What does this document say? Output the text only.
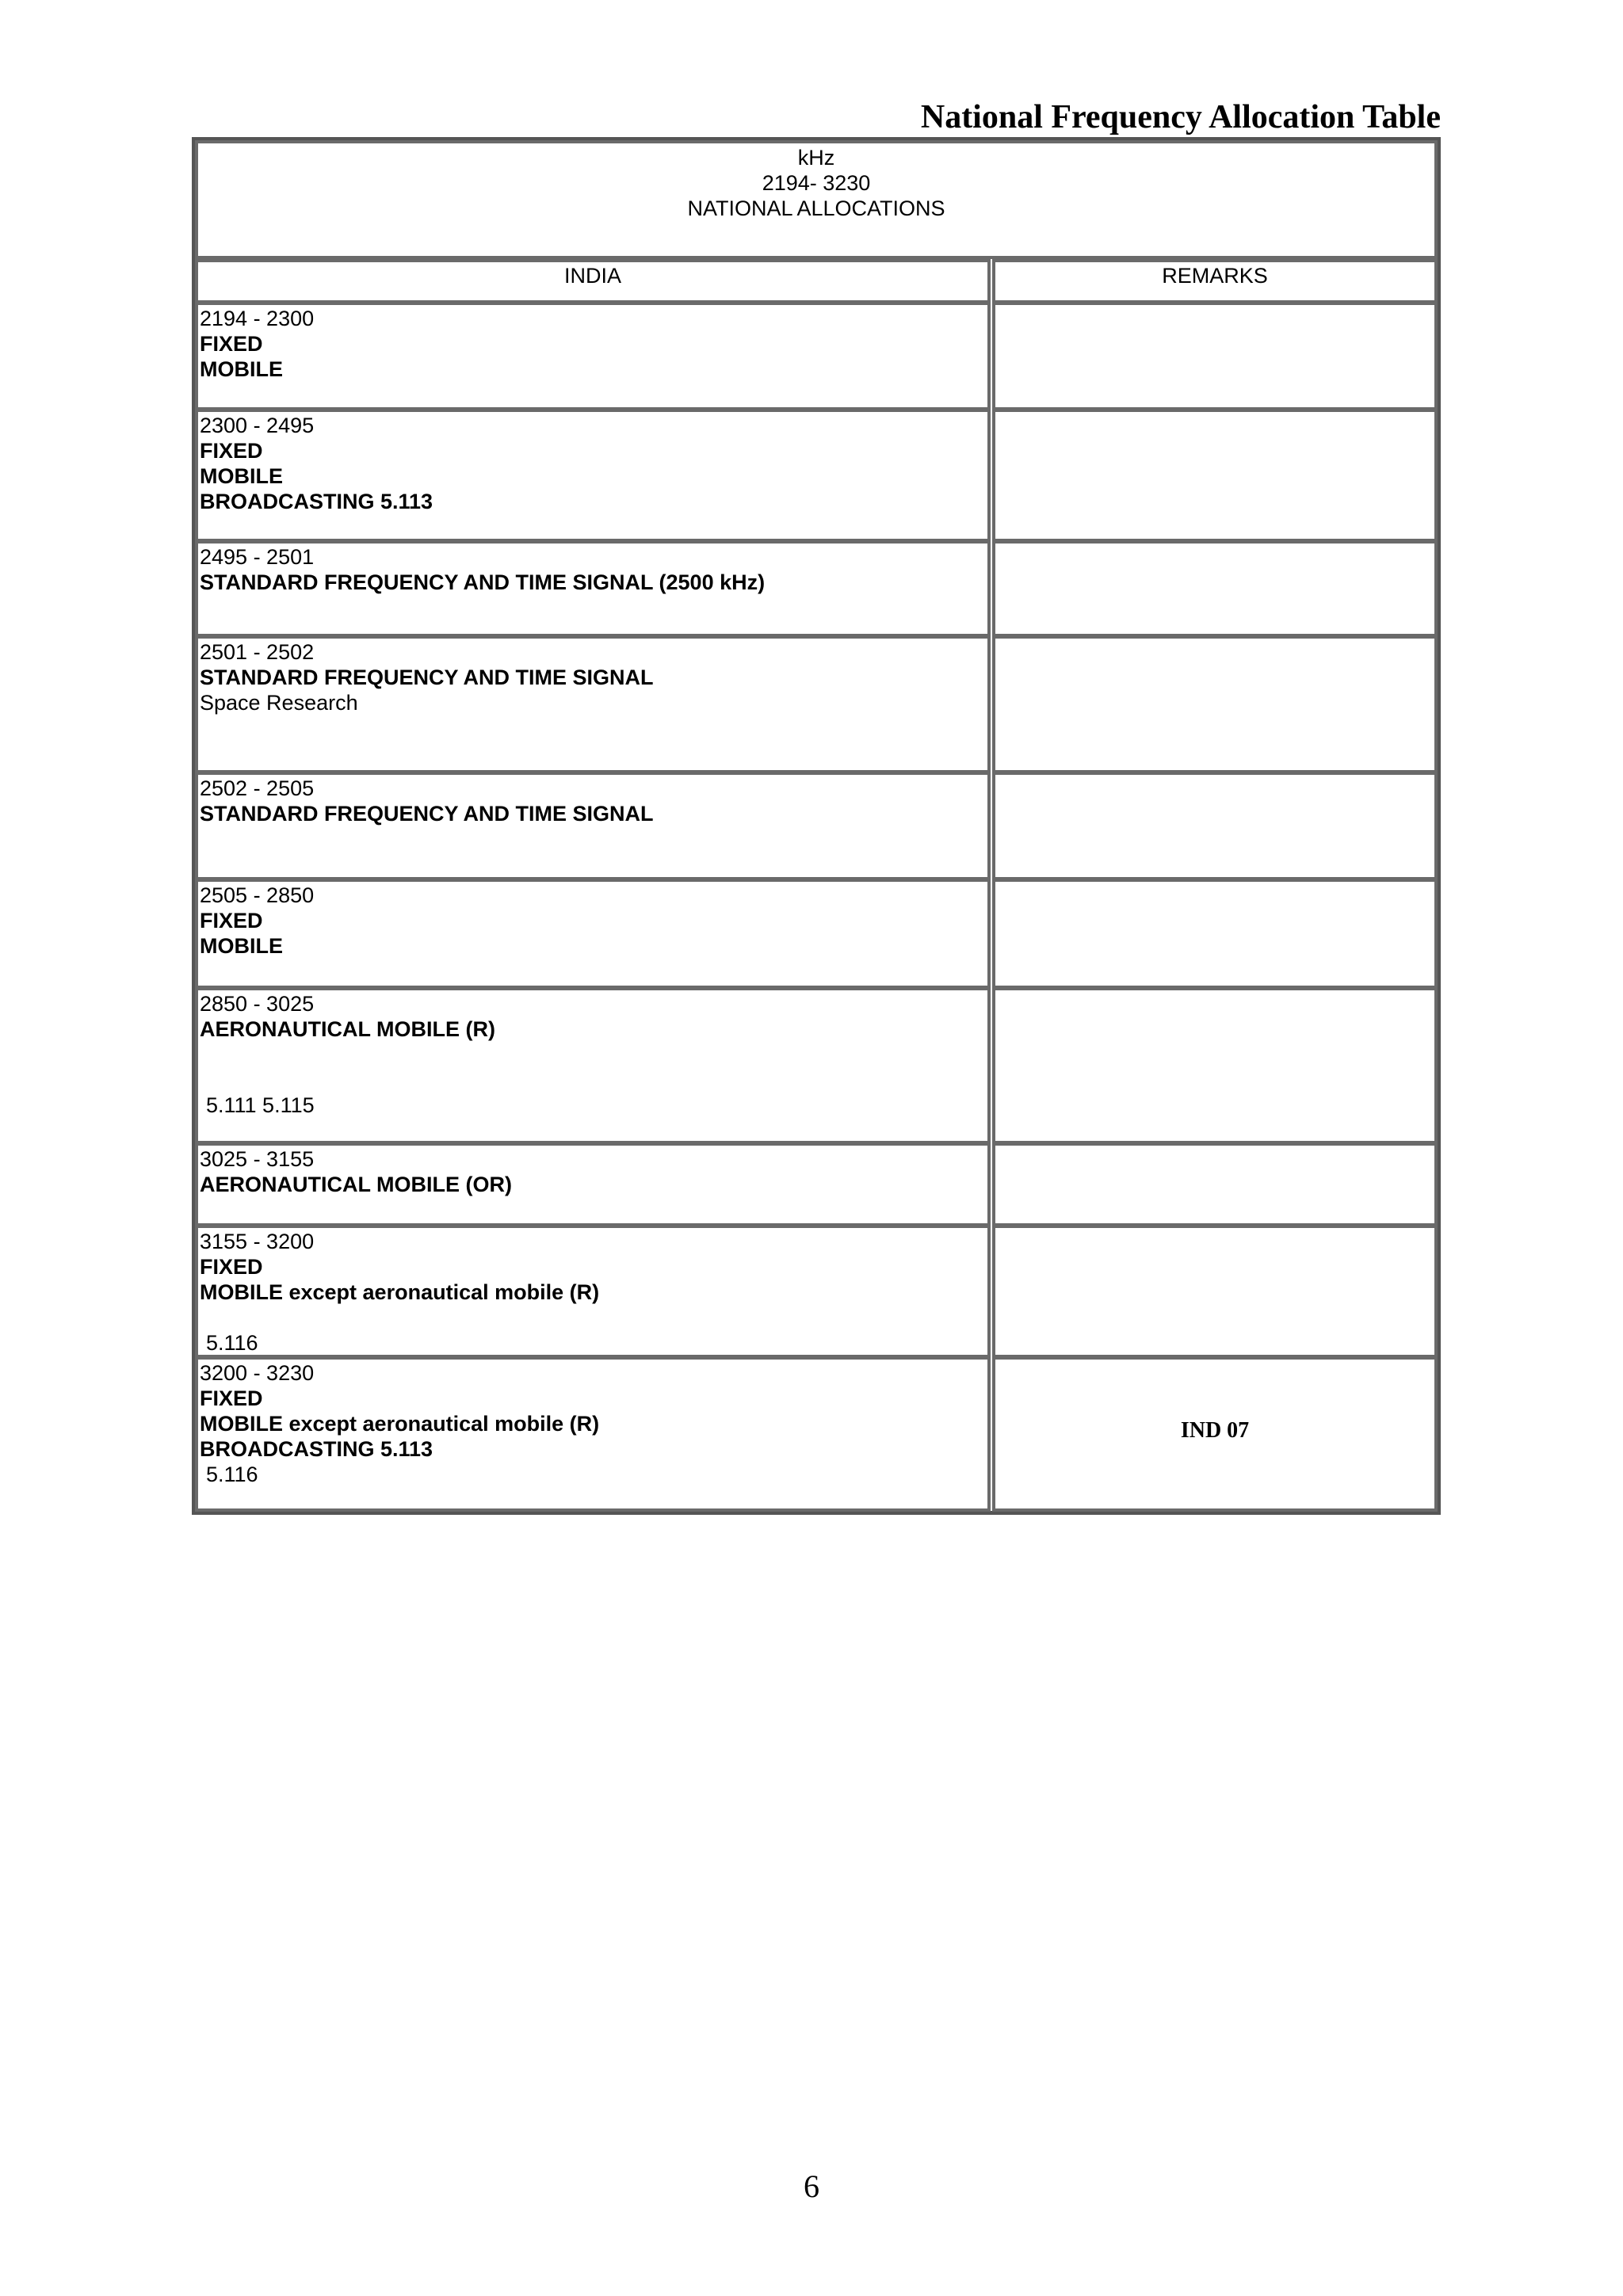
National Frequency Allocation Table
kHz
2194- 3230
NATIONAL ALLOCATIONS
INDIA	REMARKS
2194 - 2300
FIXED
MOBILE
2300 - 2495
FIXED
MOBILE
BROADCASTING 5.113
2495 - 2501
STANDARD FREQUENCY AND TIME SIGNAL (2500 kHz)
2501 - 2502
STANDARD FREQUENCY AND TIME SIGNAL
Space Research
2502 - 2505
STANDARD FREQUENCY AND TIME SIGNAL
2505 - 2850
FIXED
MOBILE
2850 - 3025
AERONAUTICAL MOBILE (R)
5.111 5.115
3025 - 3155
AERONAUTICAL MOBILE (OR)
3155 - 3200
FIXED
MOBILE except aeronautical mobile (R)
5.116
3200 - 3230
FIXED
MOBILE except aeronautical mobile (R)
BROADCASTING 5.113
5.116
IND 07
6
